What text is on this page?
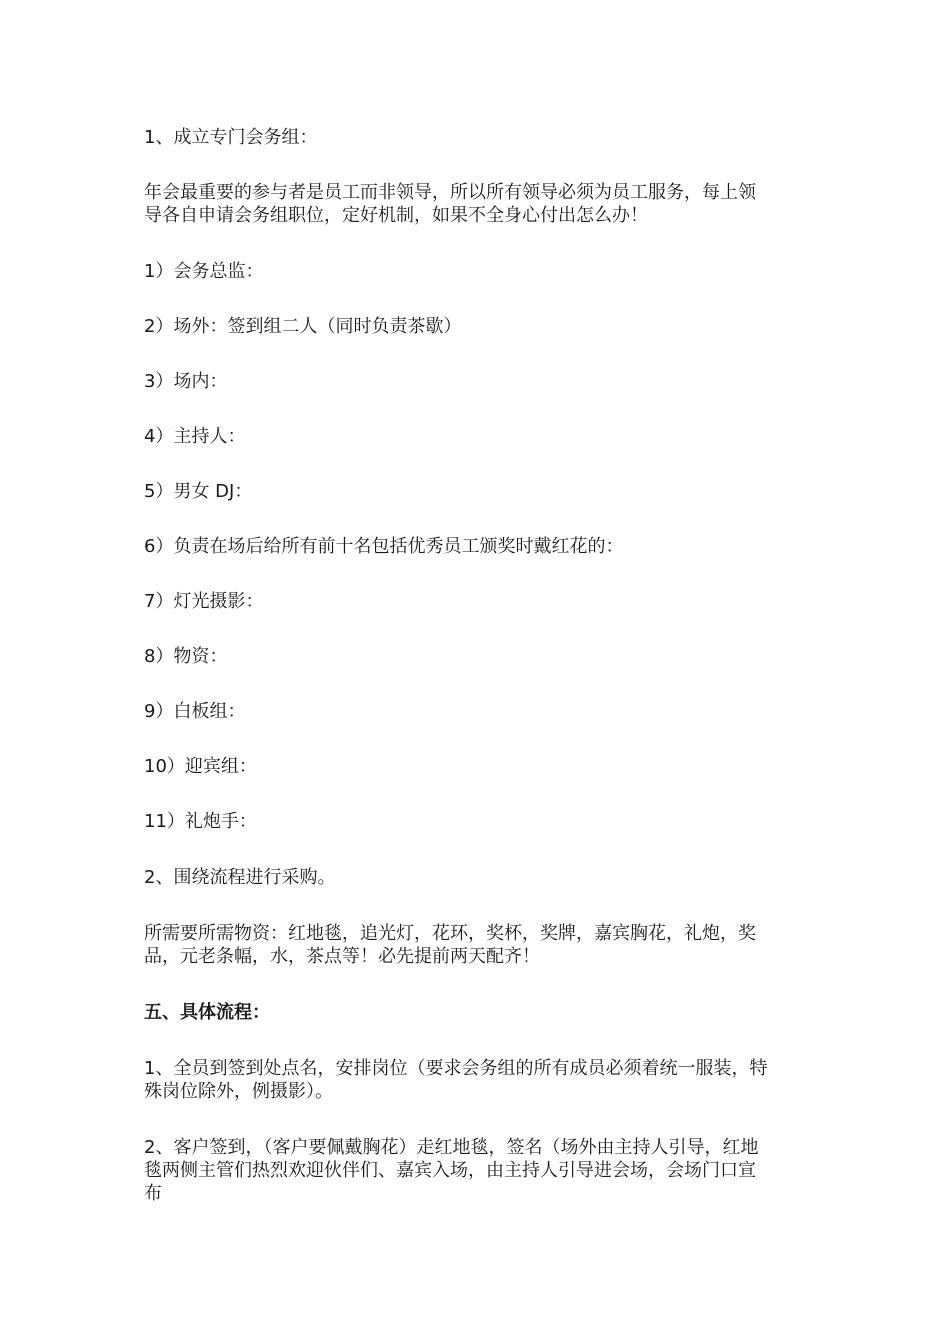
1、成立专门会务组：
年会最重要的参与者是员工而非领导，所以所有领导必须为员工服务，每上领
导各自申请会务组职位，定好机制，如果不全身心付出怎么办！
1）会务总监：
2）场外：签到组二人（同时负责茶歇）
3）场内：
4）主持人：
5）男女 DJ：
6）负责在场后给所有前十名包括优秀员工颁奖时戴红花的：
7）灯光摄影：
8）物资：
9）白板组：
10）迎宾组：
11）礼炮手：
2、围绕流程进行采购。
所需要所需物资：红地毯，追光灯，花环，奖杯，奖牌，嘉宾胸花，礼炮，奖
品，元老条幅，水，茶点等！必先提前两天配齐！
五、具体流程：
1、全员到签到处点名，安排岗位（要求会务组的所有成员必须着统一服装，特
殊岗位除外，例摄影）。
2、客户签到，（客户要佩戴胸花）走红地毯，签名（场外由主持人引导，红地
毯两侧主管们热烈欢迎伙伴们、嘉宾入场，由主持人引导进会场，会场门口宣
布
